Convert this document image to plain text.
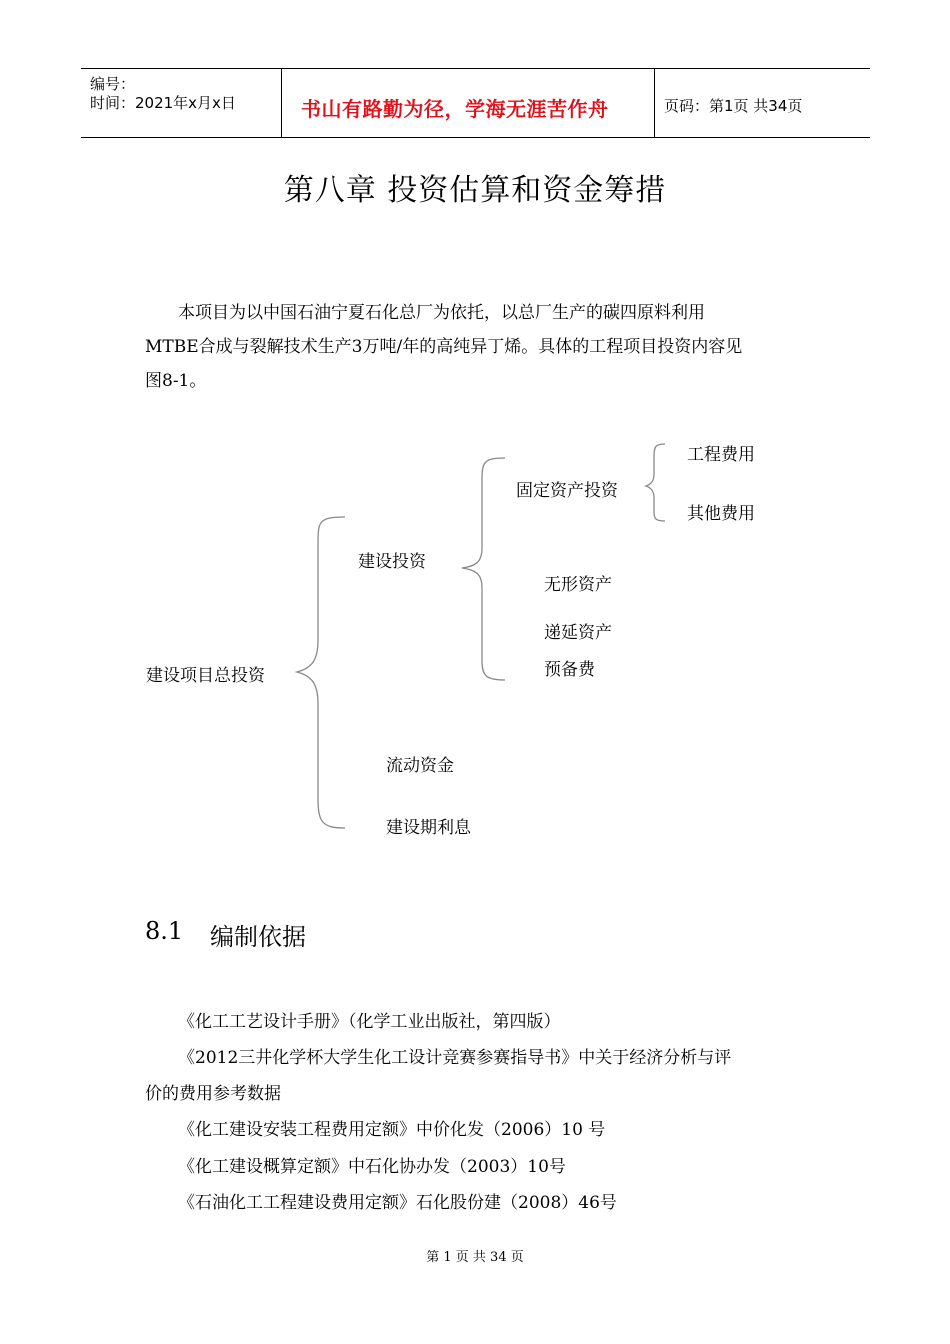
编号：
时间：2021年x月x日	书山有路勤为径，学海无涯苦作舟	页码：第1页 共34页
第八章 投资估算和资金筹措
本项目为以中国石油宁夏石化总厂为依托，以总厂生产的碳四原料利用
MTBE合成与裂解技术生产3万吨/年的高纯异丁烯。具体的工程项目投资内容见
图8-1。
建设项目总投资
建设投资
固定资产投资
工程费用
其他费用
无形资产
递延资产
预备费
流动资金
建设期利息
8.1 编制依据
《化工工艺设计手册》（化学工业出版社，第四版）
《2012三井化学杯大学生化工设计竞赛参赛指导书》中关于经济分析与评
价的费用参考数据
《化工建设安装工程费用定额》中价化发（2006）10 号
《化工建设概算定额》中石化协办发（2003）10号
《石油化工工程建设费用定额》石化股份建（2008）46号
第 1 页 共 34 页
